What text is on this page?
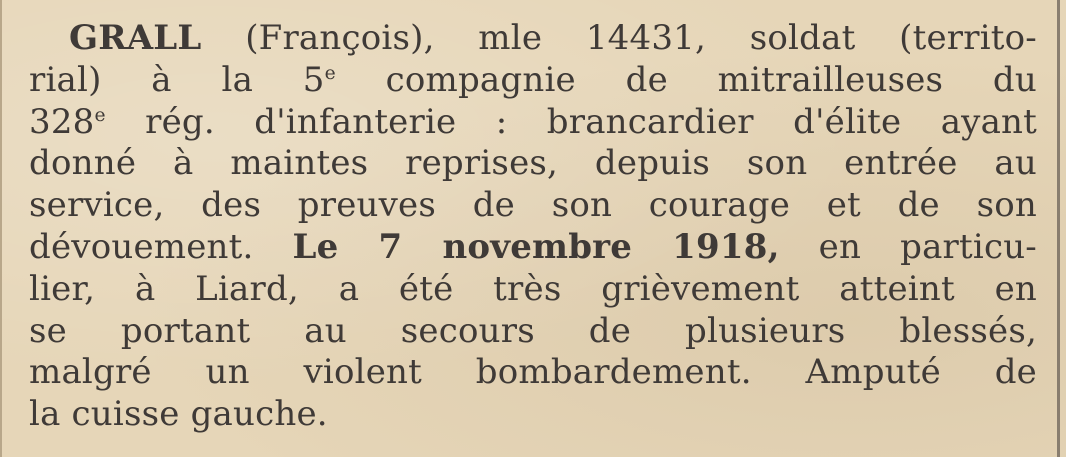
GRALL (François), mle 14431, soldat (territo-
rial) à la 5e compagnie de mitrailleuses du
328e rég. d'infanterie : brancardier d'élite ayant
donné à maintes reprises, depuis son entrée au
service, des preuves de son courage et de son
dévouement. Le 7 novembre 1918, en particu-
lier, à Liard, a été très grièvement atteint en
se portant au secours de plusieurs blessés,
malgré un violent bombardement. Amputé de
la cuisse gauche.
